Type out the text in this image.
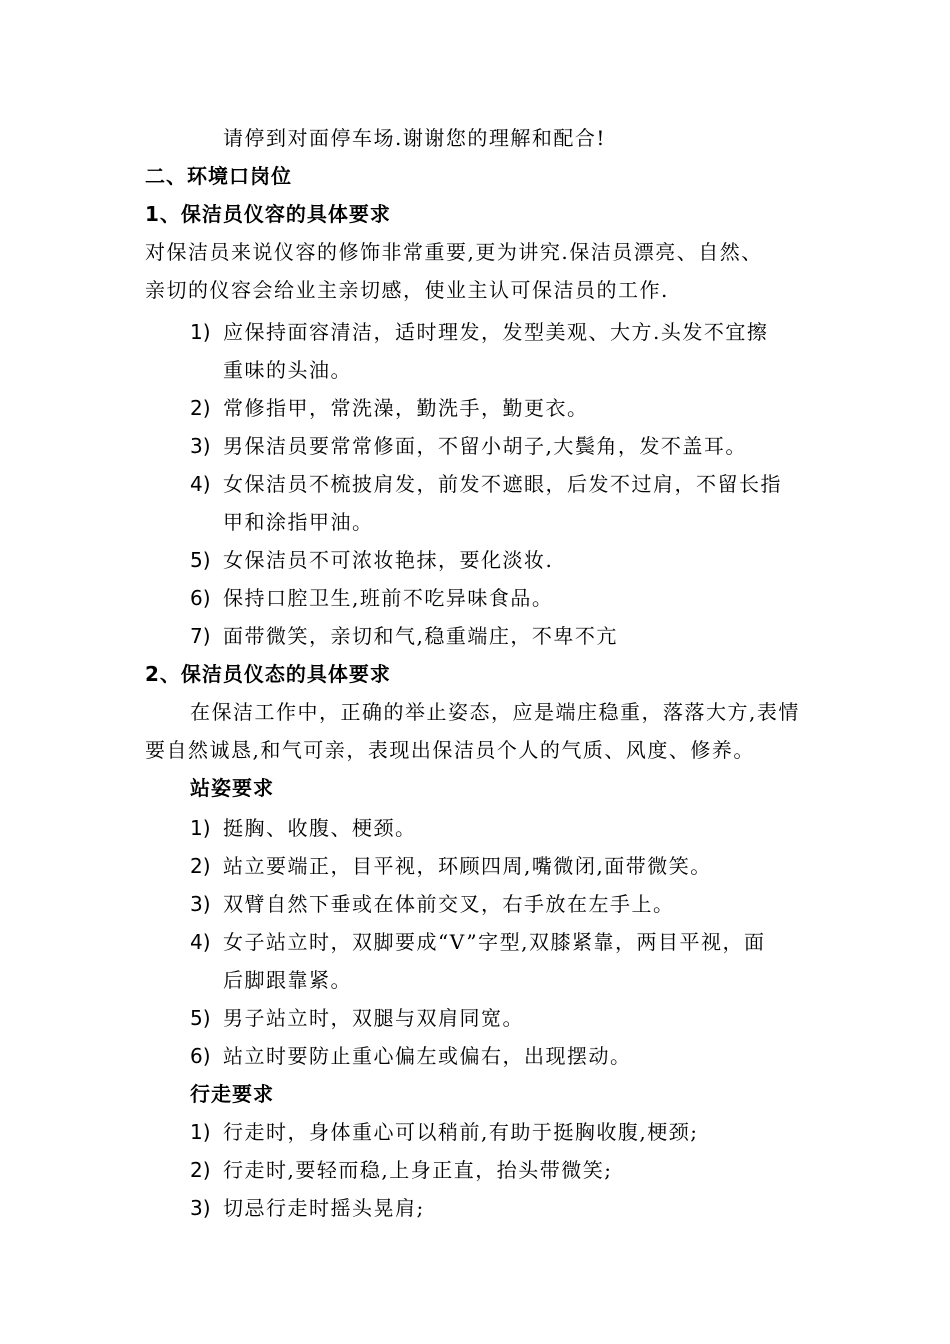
请停到对面停车场.谢谢您的理解和配合!
二、环境口岗位
1、保洁员仪容的具体要求
对保洁员来说仪容的修饰非常重要,更为讲究.保洁员漂亮、自然、
亲切的仪容会给业主亲切感，使业主认可保洁员的工作.
1) 应保持面容清洁，适时理发，发型美观、大方.头发不宜擦
重味的头油。
2) 常修指甲，常洗澡，勤洗手，勤更衣。
3) 男保洁员要常常修面，不留小胡子,大鬓角，发不盖耳。
4) 女保洁员不梳披肩发，前发不遮眼，后发不过肩，不留长指
甲和涂指甲油。
5) 女保洁员不可浓妆艳抹，要化淡妆.
6) 保持口腔卫生,班前不吃异味食品。
7) 面带微笑，亲切和气,稳重端庄，不卑不亢
2、保洁员仪态的具体要求
在保洁工作中，正确的举止姿态，应是端庄稳重，落落大方,表情
要自然诚恳,和气可亲，表现出保洁员个人的气质、风度、修养。
站姿要求
1) 挺胸、收腹、梗颈。
2) 站立要端正，目平视，环顾四周,嘴微闭,面带微笑。
3) 双臂自然下垂或在体前交叉，右手放在左手上。
4) 女子站立时，双脚要成“V”字型,双膝紧靠，两目平视，面
后脚跟靠紧。
5) 男子站立时，双腿与双肩同宽。
6) 站立时要防止重心偏左或偏右，出现摆动。
行走要求
1) 行走时，身体重心可以稍前,有助于挺胸收腹,梗颈;
2) 行走时,要轻而稳,上身正直，抬头带微笑;
3) 切忌行走时摇头晃肩;
